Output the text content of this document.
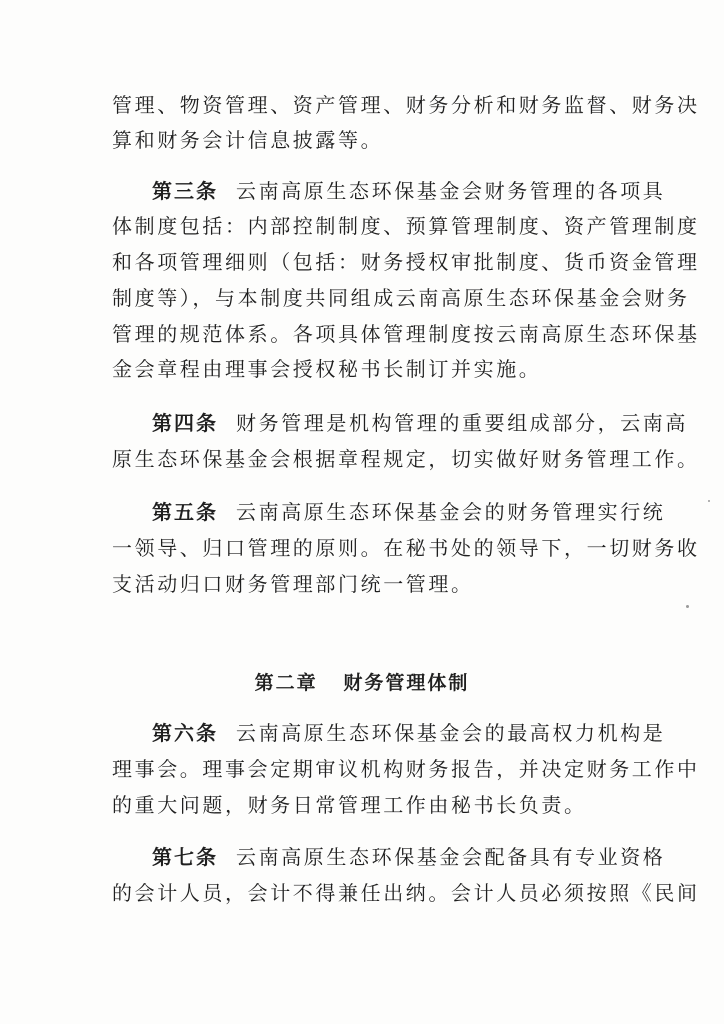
管理、物资管理、资产管理、财务分析和财务监督、财务决
算和财务会计信息披露等。
第三条 云南高原生态环保基金会财务管理的各项具
体制度包括：内部控制制度、预算管理制度、资产管理制度
和各项管理细则（包括：财务授权审批制度、货币资金管理
制度等），与本制度共同组成云南高原生态环保基金会财务
管理的规范体系。各项具体管理制度按云南高原生态环保基
金会章程由理事会授权秘书长制订并实施。
第四条 财务管理是机构管理的重要组成部分，云南高
原生态环保基金会根据章程规定，切实做好财务管理工作。
第五条 云南高原生态环保基金会的财务管理实行统
一领导、归口管理的原则。在秘书处的领导下，一切财务收
支活动归口财务管理部门统一管理。
第二章   财务管理体制
第六条 云南高原生态环保基金会的最高权力机构是
理事会。理事会定期审议机构财务报告，并决定财务工作中
的重大问题，财务日常管理工作由秘书长负责。
第七条 云南高原生态环保基金会配备具有专业资格
的会计人员，会计不得兼任出纳。会计人员必须按照《民间
